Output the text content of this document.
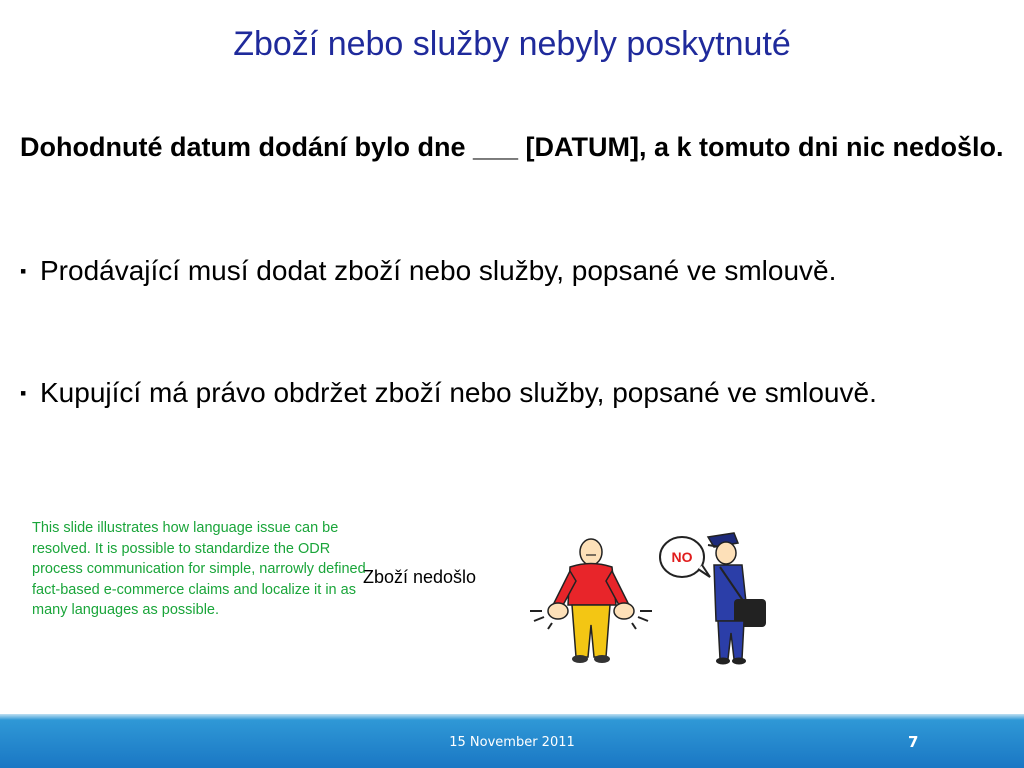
Zboží nebo služby nebyly poskytnuté
Dohodnuté datum dodání bylo dne ___ [DATUM], a k tomuto dni nic nedošlo.
▪ Prodávající musí dodat zboží nebo služby, popsané ve smlouvě.
▪ Kupující má právo obdržet zboží nebo služby, popsané ve smlouvě.
This slide illustrates how language issue can be resolved. It is possible to standardize the ODR process communication for simple, narrowly defined fact-based e-commerce claims and localize it in as many languages as possible.
Zboží nedošlo
NO
15 November 2011	7
